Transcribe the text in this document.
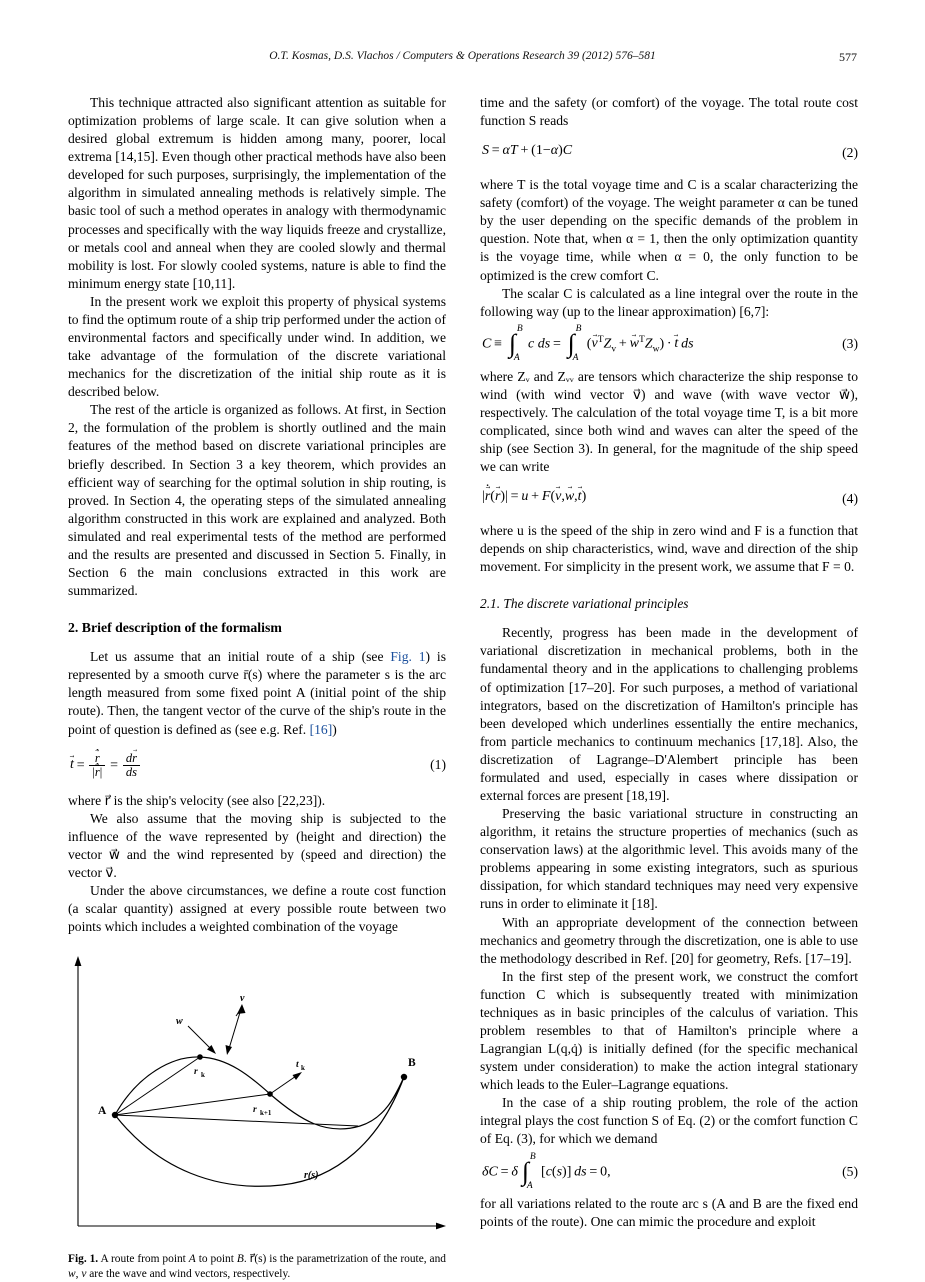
O.T. Kosmas, D.S. Vlachos / Computers & Operations Research 39 (2012) 576–581	577

This technique attracted also significant attention as suitable for optimization problems of large scale. It can give solution when a desired global extremum is hidden among many, poorer, local extrema [14,15]. Even though other practical methods have also been developed for such purposes, surprisingly, the implementation of the algorithm in simulated annealing methods is relatively simple. The basic tool of such a method operates in analogy with thermodynamic processes and specifically with the way liquids freeze and crystallize, or metals cool and anneal when they are cooled slowly and thermal mobility is lost. For slowly cooled systems, nature is able to find the minimum energy state [10,11].

In the present work we exploit this property of physical systems to find the optimum route of a ship trip performed under the action of environmental factors and specifically under wind. In addition, we take advantage of the formulation of the discrete variational mechanics for the discretization of the initial ship route as it is described below.

The rest of the article is organized as follows. At first, in Section 2, the formulation of the problem is shortly outlined and the main features of the method based on discrete variational principles are briefly described. In Section 3 a key theorem, which provides an efficient way of searching for the optimal solution in ship routing, is proved. In Section 4, the operating steps of the simulated annealing algorithm constructed in this work are explained and analyzed. Both simulated and real experimental tests of the method are performed and the results are presented and discussed in Section 5. Finally, in Section 6 the main conclusions extracted in this work are summarized.

2. Brief description of the formalism

Let us assume that an initial route of a ship (see Fig. 1) is represented by a smooth curve r̄(s) where the parameter s is the arc length measured from some fixed point A (initial point of the ship route). Then, the tangent vector of the curve of the ship's route in the point of question is defined as (see e.g. Ref. [16])

t → =  $\frac{r \to \cdot}{|r \to \cdot|} = \frac{dr \to}{ds}$	(1)

where r⃗ is the ship's velocity (see also [22,23]).

We also assume that the moving ship is subjected to the influence of the wave represented by (height and direction) the vector w⃗ and the wind represented by (speed and direction) the vector v⃗.

Under the above circumstances, we define a route cost function (a scalar quantity) assigned at every possible route between two points which includes a weighted combination of the voyage

A
B
v
w
r k
r k+1
t k
r(s)
Fig. 1. A route from point A to point B. r⃗(s) is the parametrization of the route, and w, v are the wave and wind vectors, respectively.

time and the safety (or comfort) of the voyage. The total route cost function S reads

S = αT + (1−α)C	(2)

where T is the total voyage time and C is a scalar characterizing the safety (comfort) of the voyage. The weight parameter α can be tuned by the user depending on the specific demands of the problem in question. Note that, when α = 1, then the only optimization quantity is the voyage time, while when α = 0, the only function to be optimized is the crew comfort C.

The scalar C is calculated as a line integral over the route in the following way (up to the linear approximation) [6,7]:

C ≡ ∫ B
A
c ds = ∫ B
A
$(v \to^TZ_v + w \to^TZ_w) \cdot t$ →  ds	(3)

where Zᵥ and Zᵥᵥ are tensors which characterize the ship response to wind (with wind vector v⃗) and wave (with wave vector w⃗), respectively. The calculation of the total voyage time T, is a bit more complicated, since both wind and waves can alter the speed of the ship (see Section 3). In general, for the magnitude of the ship speed we can write

|r → ·(r →)| = u + F(v →,w →,t →)	(4)

where u is the speed of the ship in zero wind and F is a function that depends on ship characteristics, wind, wave and direction of the ship movement. For simplicity in the present work, we assume that F = 0.

2.1. The discrete variational principles

Recently, progress has been made in the development of variational discretization in mechanical problems, both in the fundamental theory and in the applications to challenging problems of optimization [17–20]. For such purposes, a method of variational integrators, based on the discretization of Hamilton's principle has been developed which underlines essentially the entire mechanics, from particle mechanics to continuum mechanics [17,18]. Also, the discretization of Lagrange–D'Alembert principle has been formulated and used, especially in cases where dissipation or external forces are present [18,19].

Preserving the basic variational structure in constructing an algorithm, it retains the structure properties of mechanics (such as conservation laws) at the algorithmic level. This avoids many of the problems appearing in some existing integrators, such as spurious dissipation, for which standard techniques may need very expensive runs in order to eliminate it [18].

With an appropriate development of the connection between mechanics and geometry through the discretization, one is able to use the methodology described in Ref. [20] for geometry, Refs. [17–19].

In the first step of the present work, we construct the comfort function C which is subsequently treated with minimization techniques as in basic principles of the calculus of variation. This problem resembles to that of Hamilton's principle where a Lagrangian L(q,q̇) is initially defined (for the specific mechanical system under consideration) to make the action integral stationary which leads to the Euler–Lagrange equations.

In the case of a ship routing problem, the role of the action integral plays the cost function S of Eq. (2) or the comfort function C of Eq. (3), for which we demand

δC = δ ∫ B
A
[c(s)] ds = 0,	(5)

for all variations related to the route arc s (A and B are the fixed end points of the route). One can mimic the procedure and exploit
